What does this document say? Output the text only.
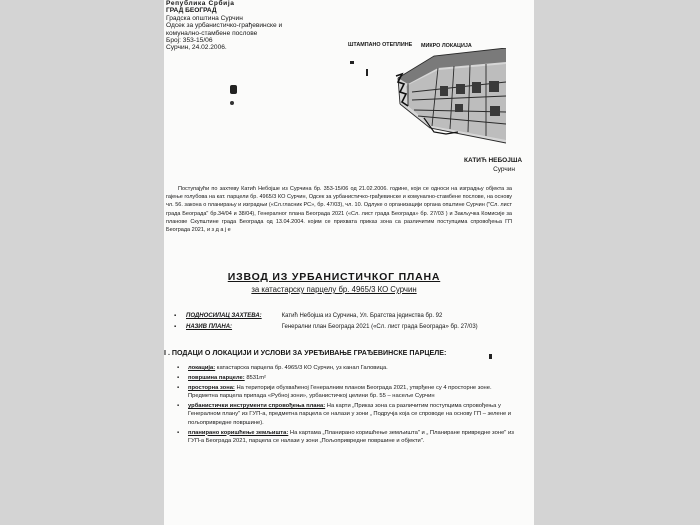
Република Србија
ГРАД БЕОГРАД
Градска општина Сурчин
Одсек за урбанистичко-грађевинске и
комунално-стамбене послове
Број: 353-15/06
Сурчин, 24.02.2006.	ШТАМПАНО ОТЕПЛИНЕ	МИКРО ЛОКАЦИЈА
КАТИЋ НЕБОЈША
Сурчин
Поступајући по захтеву Катић Небојше из Сурчина бр. 353-15/06 од 21.02.2006. године, који се односи на изградњу објекта за гајење голубова на кат. парцели бр. 4965/3 КО Сурчин, Одсек за урбанистичко-грађевинске и комунално-стамбене послове, на основу чл. 56. закона о планирању и изградњи («Сл.гласник РС», бр. 47/03), чл. 10. Одлуке о организацији органа општине Сурчин ("Сл. лист града Београда" бр.34/04 и 38/04), Генералног плана Београда 2021 («Сл. лист града Београда» бр. 27/03 ) и Закључка Комисије за планове Скупштине града Београда од 13.04.2004. којим се прихвата приказ зона са различитим поступцима спровођења ГП Београда 2021, и з д а ј е
ИЗВОД ИЗ УРБАНИСТИЧКОГ ПЛАНА
за катастарску парцелу бр. 4965/3 КО Сурчин
▪ ПОДНОСИЛАЦ ЗАХТЕВА:	Катић Небојша из Сурчина, Ул. Братства јединства бр. 92
▪ НАЗИВ ПЛАНА:	Генерални план Београда 2021 («Сл. лист града Београда» бр. 27/03)
І . ПОДАЦИ О ЛОКАЦИЈИ И УСЛОВИ ЗА УРЕЂИВАЊЕ ГРАЂЕВИНСКЕ ПАРЦЕЛЕ:
▪ локација: катастарска парцела бр. 4965/3 КО Сурчин, уз канал Галовица.
▪ површина парцеле: 8531m²
▪ просторна зона: На територији обухваћеној Генералним планом Београда 2021, утврђене су 4 просторне зоне. Предметна парцела припада «Рубној зони», урбанистичкој целини бр. 55 – насеље Сурчин
▪ урбанистички инструменти спровођења плана: На карти „Приказ зона са различитим поступцима спровођења у Генералном плану" из ГУП-а, предметна парцела се налази у зони „ Подручја која се спроводе на основу ГП – зелене и пољопривредне површине).
▪ планирано коришћење земљишта: На картама „Планирано коришћење земљишта" и „ Планиране привредне зоне" из ГУП-а Београда 2021, парцела се налази у зони „Пољопривредне површине и објекти".
